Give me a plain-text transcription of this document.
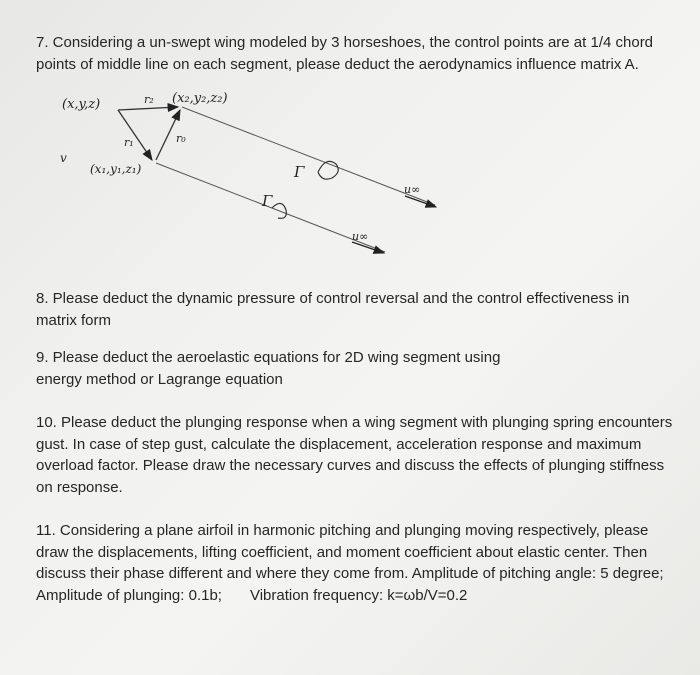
7. Considering a un-swept wing modeled by 3 horseshoes, the control points are at 1/4 chord

points of middle line on each segment, please deduct the aerodynamics influence matrix A.

(x,y,z)	r₂ (x₂,y₂,z₂)
r₁	r₀
v
(x₁,y₁,z₁)	Γ
u∞
Γ
u∞

8. Please deduct the dynamic pressure of control reversal and the control effectiveness in

matrix form

9. Please deduct the aeroelastic equations for 2D wing segment using

energy method or Lagrange equation

10. Please deduct the plunging response when a wing segment with plunging spring encounters

gust. In case of step gust, calculate the displacement, acceleration response and maximum

overload factor. Please draw the necessary curves and discuss the effects of plunging stiffness

on response.

11. Considering a plane airfoil in harmonic pitching and plunging moving respectively, please

draw the displacements, lifting coefficient, and moment coefficient about elastic center. Then

discuss their phase different and where they come from. Amplitude of pitching angle: 5 degree;

Amplitude of plunging: 0.1b; Vibration frequency: k=ωb/V=0.2
